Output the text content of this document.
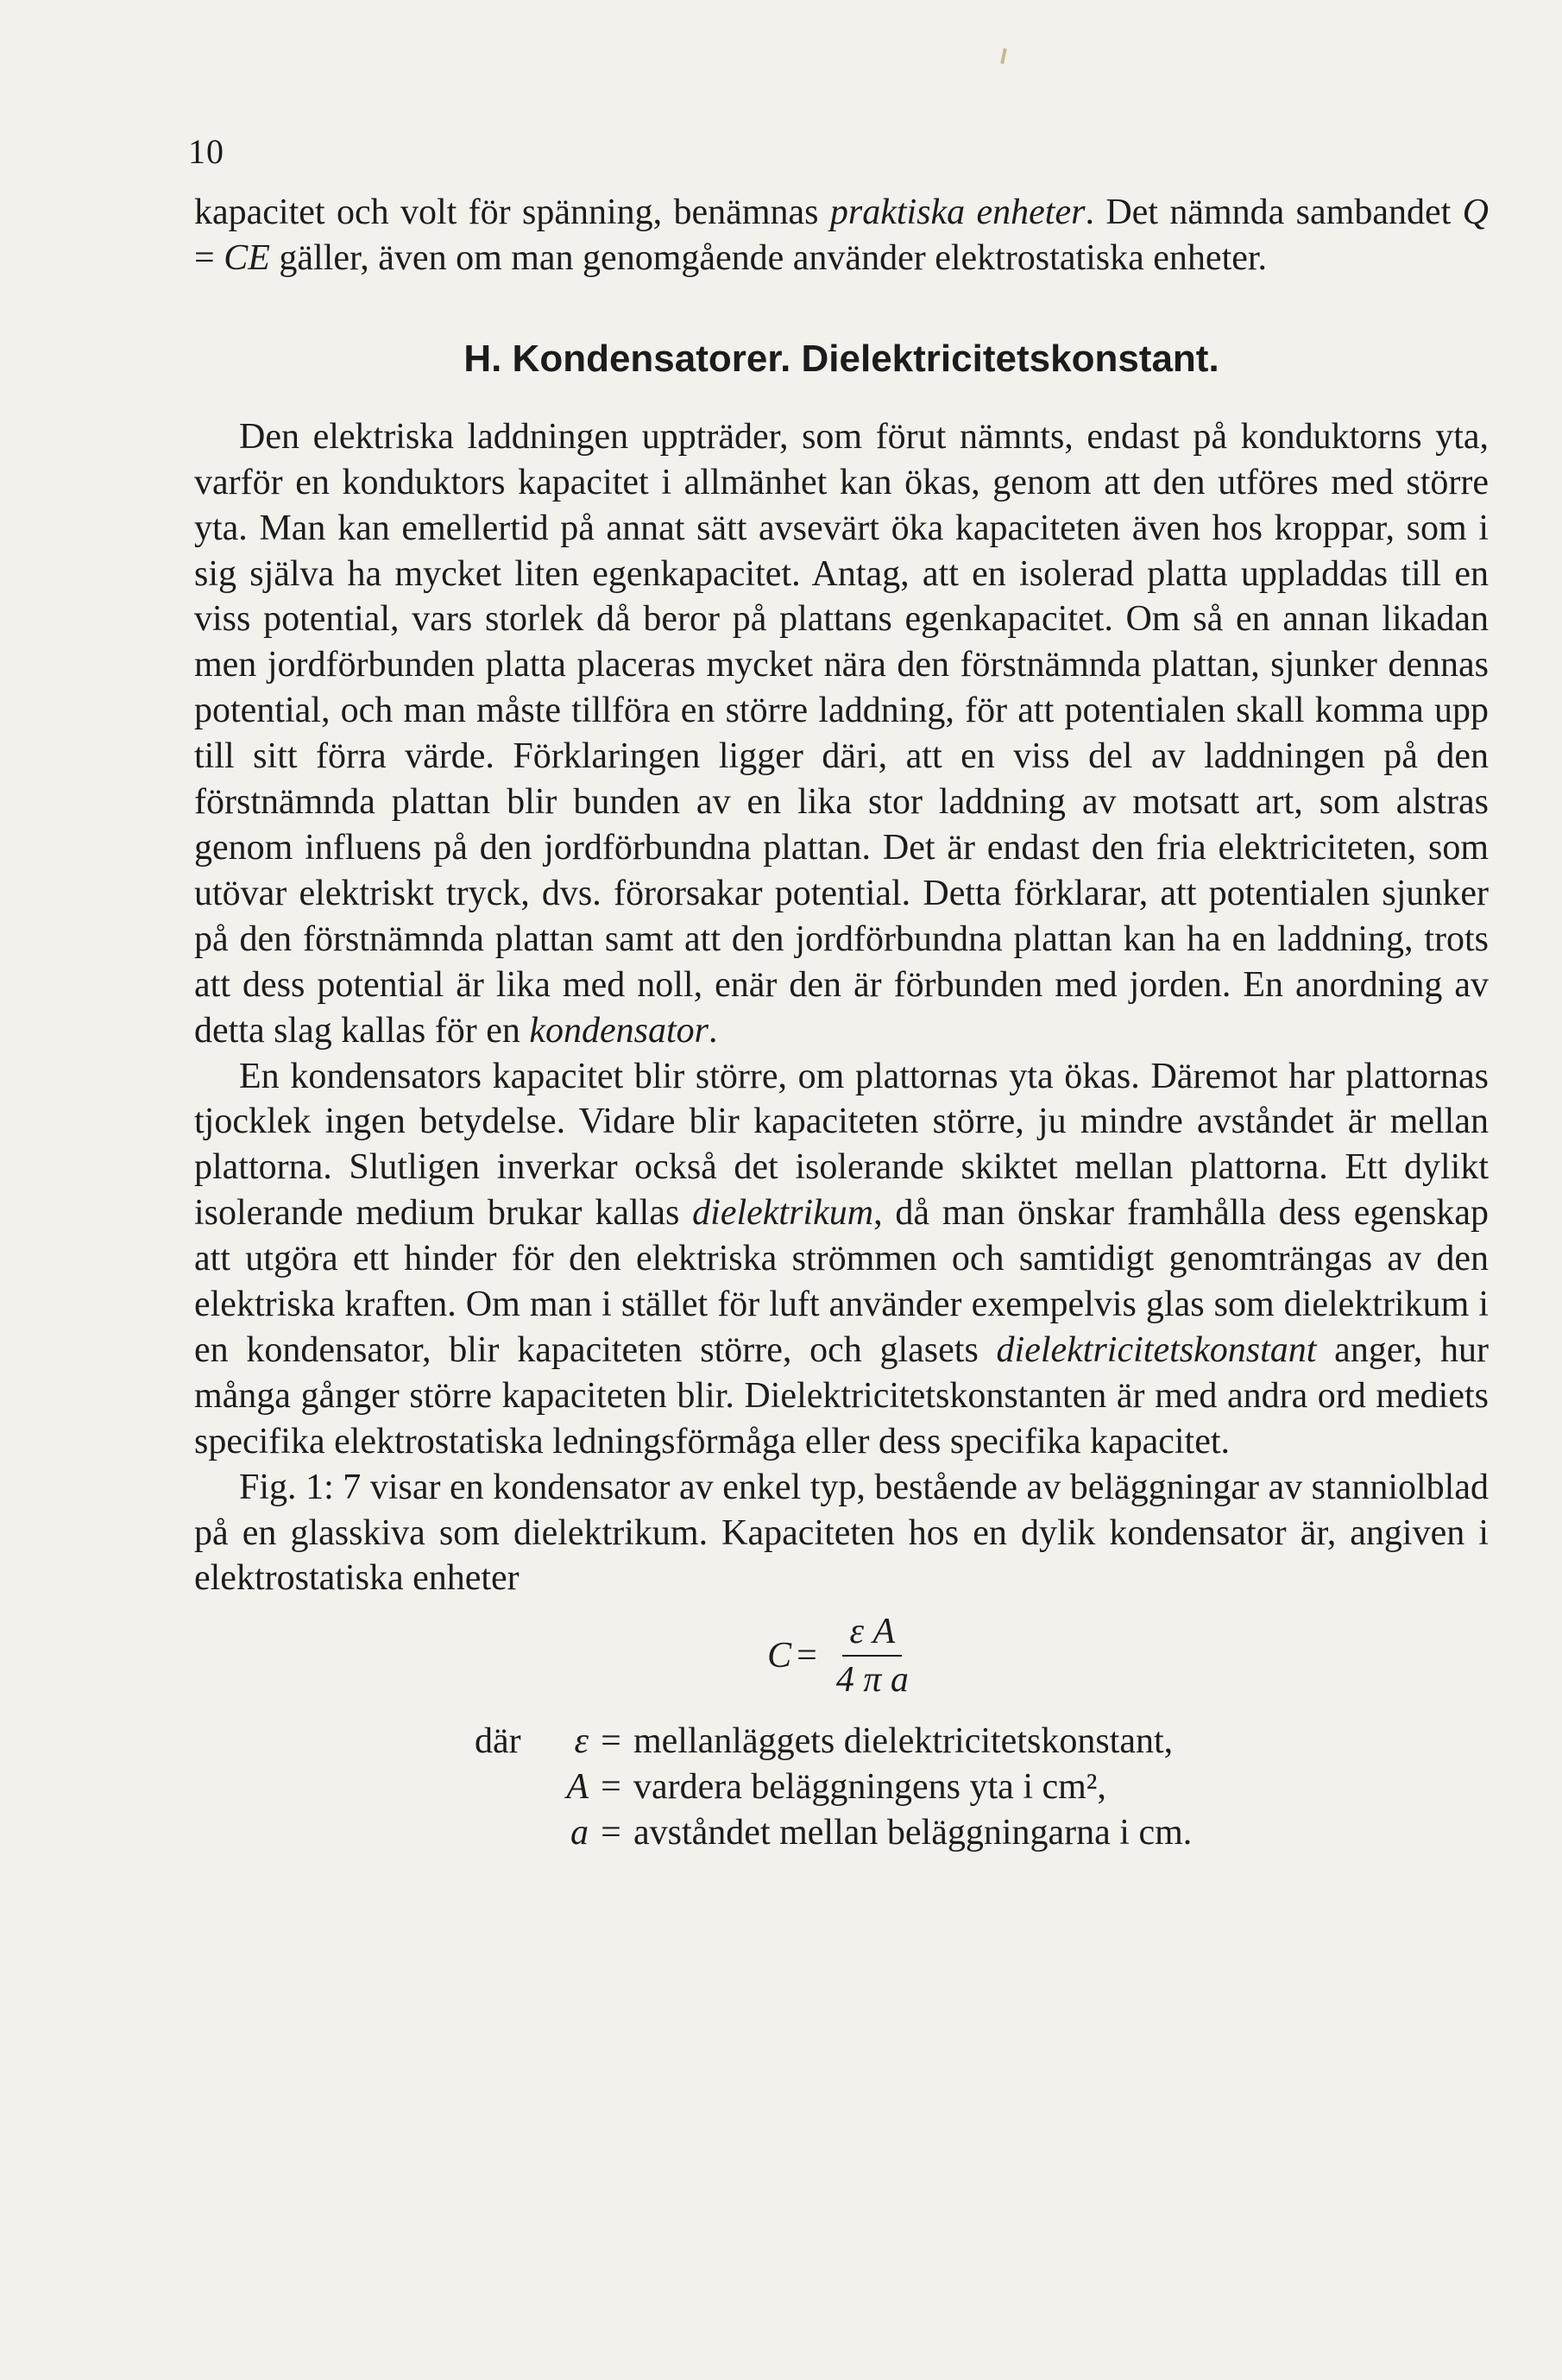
10

kapacitet och volt för spänning, benämnas praktiska enheter. Det nämnda sambandet Q = CE gäller, även om man genomgående använder elektrostatiska enheter.

H. Kondensatorer. Dielektricitetskonstant.

Den elektriska laddningen uppträder, som förut nämnts, endast på konduktorns yta, varför en konduktors kapacitet i allmänhet kan ökas, genom att den utföres med större yta. Man kan emellertid på annat sätt avsevärt öka kapaciteten även hos kroppar, som i sig själva ha mycket liten egenkapacitet. Antag, att en isolerad platta uppladdas till en viss potential, vars storlek då beror på plattans egenkapacitet. Om så en annan likadan men jordförbunden platta placeras mycket nära den förstnämnda plattan, sjunker dennas potential, och man måste tillföra en större laddning, för att potentialen skall komma upp till sitt förra värde. Förklaringen ligger däri, att en viss del av laddningen på den förstnämnda plattan blir bunden av en lika stor laddning av motsatt art, som alstras genom influens på den jordförbundna plattan. Det är endast den fria elektriciteten, som utövar elektriskt tryck, dvs. förorsakar potential. Detta förklarar, att potentialen sjunker på den förstnämnda plattan samt att den jordförbundna plattan kan ha en laddning, trots att dess potential är lika med noll, enär den är förbunden med jorden. En anordning av detta slag kallas för en kondensator.

En kondensators kapacitet blir större, om plattornas yta ökas. Däremot har plattornas tjocklek ingen betydelse. Vidare blir kapaciteten större, ju mindre avståndet är mellan plattorna. Slutligen inverkar också det isolerande skiktet mellan plattorna. Ett dylikt isolerande medium brukar kallas dielektrikum, då man önskar framhålla dess egenskap att utgöra ett hinder för den elektriska strömmen och samtidigt genomträngas av den elektriska kraften. Om man i stället för luft använder exempelvis glas som dielektrikum i en kondensator, blir kapaciteten större, och glasets dielektricitetskonstant anger, hur många gånger större kapaciteten blir. Dielektricitetskonstanten är med andra ord mediets specifika elektrostatiska ledningsförmåga eller dess specifika kapacitet.

Fig. 1: 7 visar en kondensator av enkel typ, bestående av beläggningar av stanniolblad på en glasskiva som dielektrikum. Kapaciteten hos en dylik kondensator är, angiven i elektrostatiska enheter

$C = \frac{\text{ε A}}{\text{4 π a}}$
där	ε = mellanläggets dielektricitetskonstant,
A = vardera beläggningens yta i cm²,
a = avståndet mellan beläggningarna i cm.
